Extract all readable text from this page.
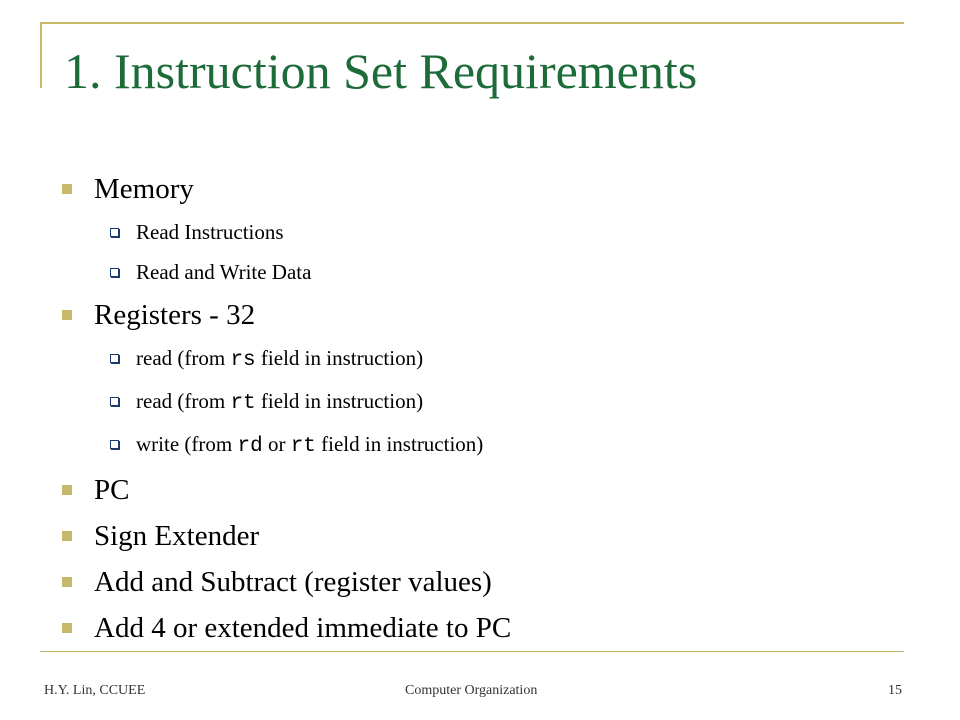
1. Instruction Set Requirements
Memory
Read Instructions
Read and Write Data
Registers - 32
read (from rs field in instruction)
read (from rt field in instruction)
write (from rd or rt field in instruction)
PC
Sign Extender
Add and Subtract (register values)
Add 4 or extended immediate to PC
H.Y. Lin, CCUEE	Computer Organization	15
